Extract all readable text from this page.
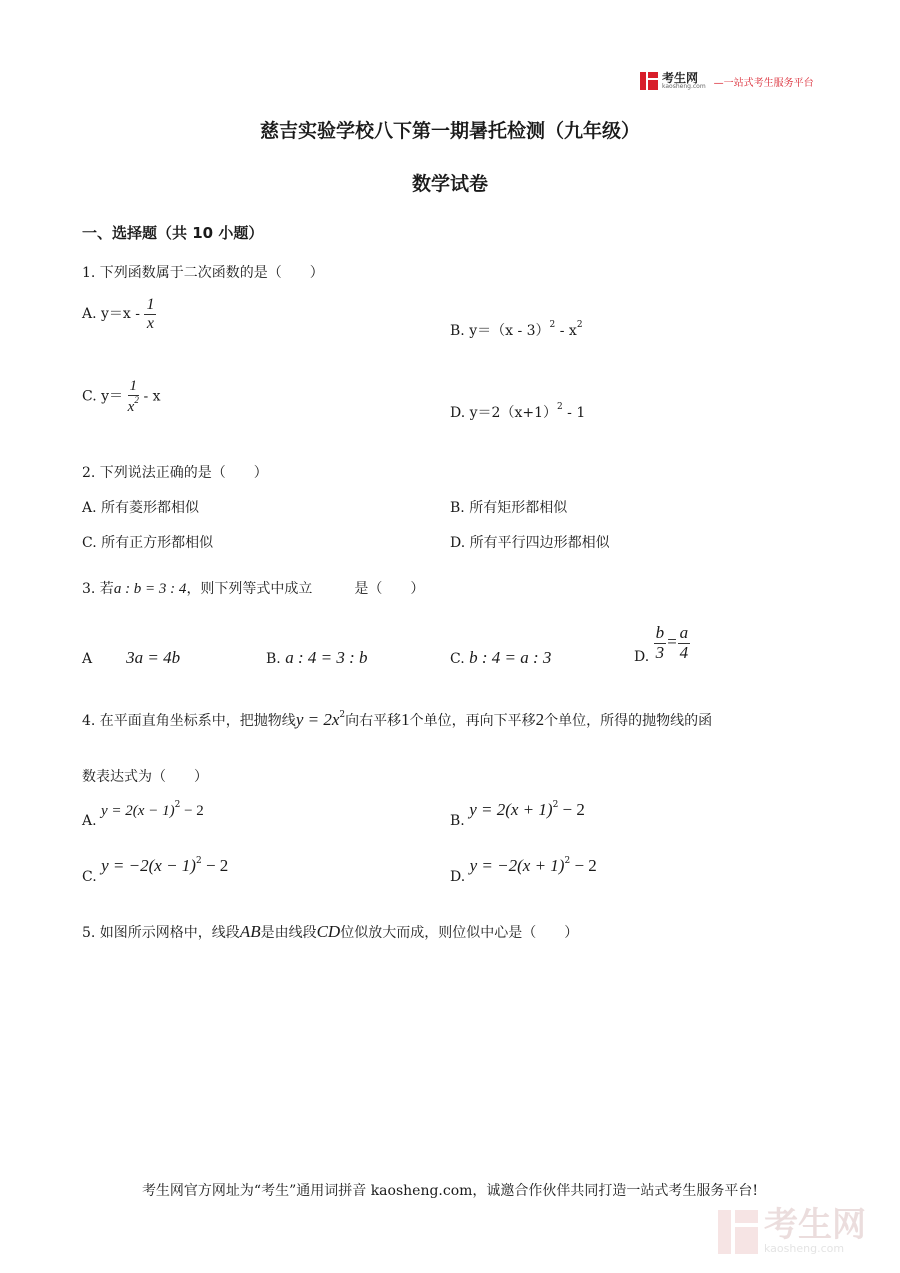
考生网
kaosheng.com —一站式考生服务平台
慈吉实验学校八下第一期暑托检测（九年级）
数学试卷
一、选择题（共 10 小题）
1. 下列函数属于二次函数的是（　　）
A. $y=x - \frac{1}{x}$	B. $y=(x - 3)^2 - x^2$
C. $y= \frac{1}{x^2} - x$
D. $y=2(x+1)^2 - 1$
2. 下列说法正确的是（　　）
A. 所有菱形都相似	B. 所有矩形都相似
C. 所有正方形都相似	D. 所有平行四边形都相似
3. 若a : b = 3 : 4，则下列等式中成立　　　是（　　）
A 3a = 4b	B. a : 4 = 3 : b	C. b : 4 = a : 3	D. $\frac{b}{3} = \frac{a}{4}$
4. 在平面直角坐标系中，把抛物线$y = 2x^2$向右平移1个单位，再向下平移2个单位，所得的抛物线的函
数表达式为（　　）
A. $y = 2(x - 1)^2 - 2$
B. $y = 2(x + 1)^2 - 2$
C. $y = -2(x - 1)^2 - 2$
D. $y = -2(x + 1)^2 - 2$
5. 如图所示网格中，线段AB是由线段CD位似放大而成，则位似中心是（　　）
考生网官方网址为“考生”通用词拼音 kaosheng.com，诚邀合作伙伴共同打造一站式考生服务平台!
考生网
kaosheng.com
